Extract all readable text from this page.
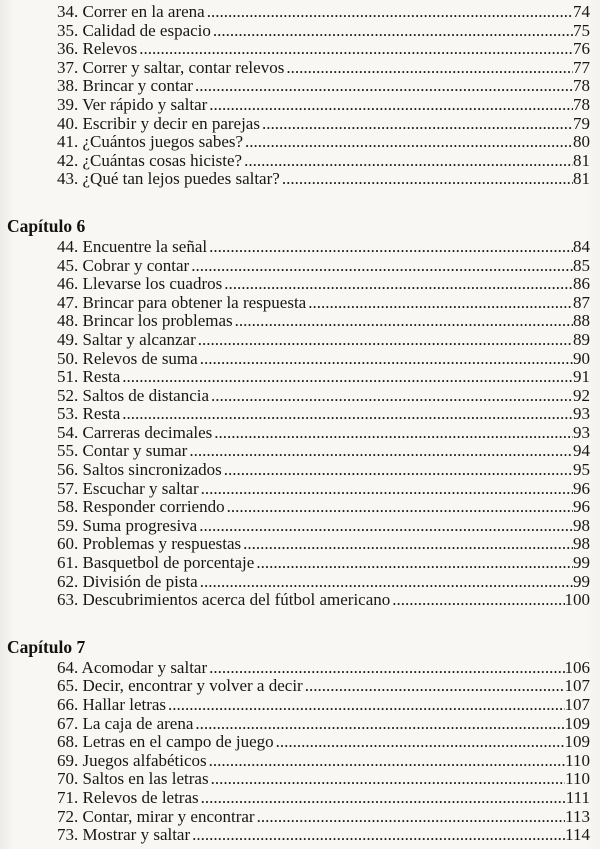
34. Correr en la arena .....	74
35. Calidad de espacio .....	75
36. Relevos .....	76
37. Correr y saltar, contar relevos .....	77
38. Brincar y contar .....	78
39. Ver rápido y saltar .....	78
40. Escribir y decir en parejas .....	79
41. ¿Cuántos juegos sabes? .....	80
42. ¿Cuántas cosas hiciste? .....	81
43. ¿Qué tan lejos puedes saltar? .....	81
Capítulo 6
44. Encuentre la señal .....	84
45. Cobrar y contar .....	85
46. Llevarse los cuadros .....	86
47. Brincar para obtener la respuesta .....	87
48. Brincar los problemas .....	88
49. Saltar y alcanzar .....	89
50. Relevos de suma .....	90
51. Resta .....	91
52. Saltos de distancia .....	92
53. Resta .....	93
54. Carreras decimales .....	93
55. Contar y sumar .....	94
56. Saltos sincronizados .....	95
57. Escuchar y saltar .....	96
58. Responder corriendo .....	96
59. Suma progresiva .....	98
60. Problemas y respuestas .....	98
61. Basquetbol de porcentaje .....	99
62. División de pista .....	99
63. Descubrimientos acerca del fútbol americano .....	100
Capítulo 7
64. Acomodar y saltar .....	106
65. Decir, encontrar y volver a decir .....	107
66. Hallar letras .....	107
67. La caja de arena .....	109
68. Letras en el campo de juego .....	109
69. Juegos alfabéticos .....	110
70. Saltos en las letras .....	110
71. Relevos de letras .....	111
72. Contar, mirar y encontrar .....	113
73. Mostrar y saltar .....	114
